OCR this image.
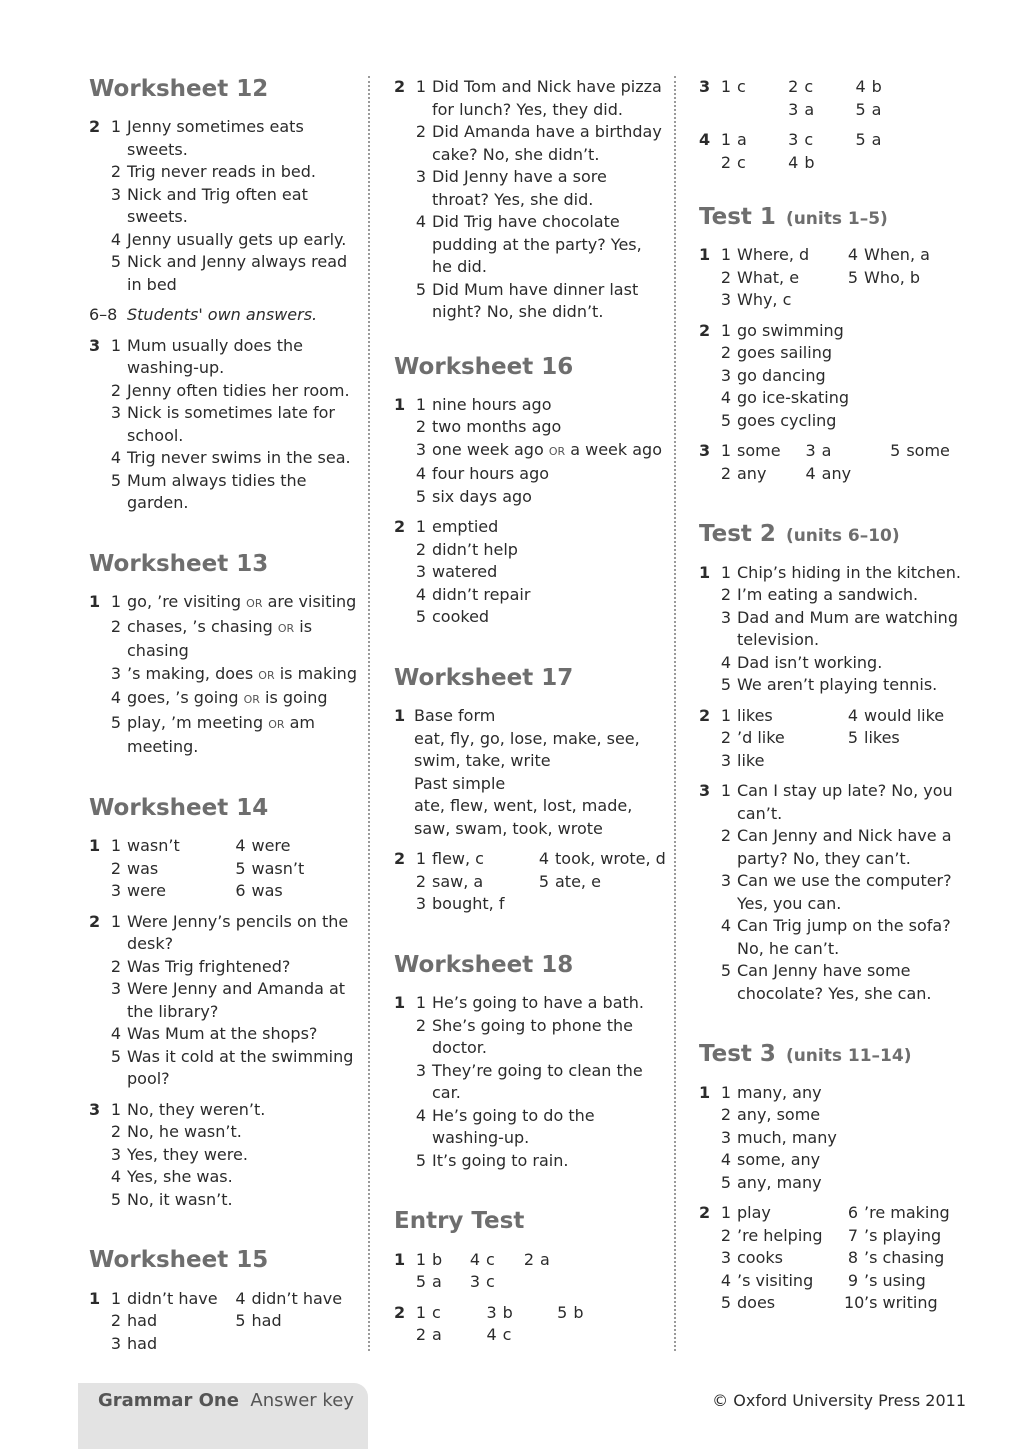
Worksheet 12
2 1 Jenny sometimes eats sweets.
2 Trig never reads in bed.
3 Nick and Trig often eat sweets.
4 Jenny usually gets up early.
5 Nick and Jenny always read in bed
6–8 Students' own answers.
3 1 Mum usually does the washing-up.
2 Jenny often tidies her room.
3 Nick is sometimes late for school.
4 Trig never swims in the sea.
5 Mum always tidies the garden.
Worksheet 13
1 1 go, ’re visiting OR are visiting
2 chases, ’s chasing OR is chasing
3 ’s making, does OR is making
4 goes, ’s going OR is going
5 play, ’m meeting OR am meeting.
Worksheet 14
1 1 wasn’t	4 were
2 was	5 wasn’t
3 were	6 was
2 1 Were Jenny’s pencils on the desk?
2 Was Trig frightened?
3 Were Jenny and Amanda at the library?
4 Was Mum at the shops?
5 Was it cold at the swimming pool?
3 1 No, they weren’t.
2 No, he wasn’t.
3 Yes, they were.
4 Yes, she was.
5 No, it wasn’t.
Worksheet 15
1 1 didn’t have	4 didn’t have
2 had	5 had
3 had
2 1 Did Tom and Nick have pizza for lunch? Yes, they did.
2 Did Amanda have a birthday cake? No, she didn’t.
3 Did Jenny have a sore throat? Yes, she did.
4 Did Trig have chocolate pudding at the party? Yes, he did.
5 Did Mum have dinner last night? No, she didn’t.
Worksheet 16
1 1 nine hours ago
2 two months ago
3 one week ago OR a week ago
4 four hours ago
5 six days ago
2 1 emptied
2 didn’t help
3 watered
4 didn’t repair
5 cooked
Worksheet 17
1 Base form
eat, fly, go, lose, make, see, swim, take, write
Past simple
ate, flew, went, lost, made, saw, swam, took, wrote
2 1 flew, c	4 took, wrote, d
2 saw, a	5 ate, e
3 bought, f
Worksheet 18
1 1 He’s going to have a bath.
2 She’s going to phone the doctor.
3 They’re going to clean the car.
4 He’s going to do the washing-up.
5 It’s going to rain.
Entry Test
1 1 b	4 c	2 a
5 a	3 c
2 1 c	3 b	5 b
2 a	4 c
3 1 c	2 c	4 b
3 a	5 a
4 1 a	3 c	5 a
2 c	4 b
Test 1 (units 1–5)
1 1 Where, d	4 When, a
2 What, e	5 Who, b
3 Why, c
2 1 go swimming
2 goes sailing
3 go dancing
4 go ice-skating
5 goes cycling
3 1 some	3 a	5 some
2 any	4 any
Test 2 (units 6–10)
1 1 Chip’s hiding in the kitchen.
2 I’m eating a sandwich.
3 Dad and Mum are watching television.
4 Dad isn’t working.
5 We aren’t playing tennis.
2 1 likes	4 would like
2 ’d like	5 likes
3 like
3 1 Can I stay up late? No, you can’t.
2 Can Jenny and Nick have a party? No, they can’t.
3 Can we use the computer? Yes, you can.
4 Can Trig jump on the sofa? No, he can’t.
5 Can Jenny have some chocolate? Yes, she can.
Test 3 (units 11–14)
1 1 many, any
2 any, some
3 much, many
4 some, any
5 any, many
2 1 play	6 ’re making
2 ’re helping	7 ’s playing
3 cooks	8 ’s chasing
4 ’s visiting	9 ’s using
5 does	10 ’s writing
Grammar One Answer key	© Oxford University Press 2011
